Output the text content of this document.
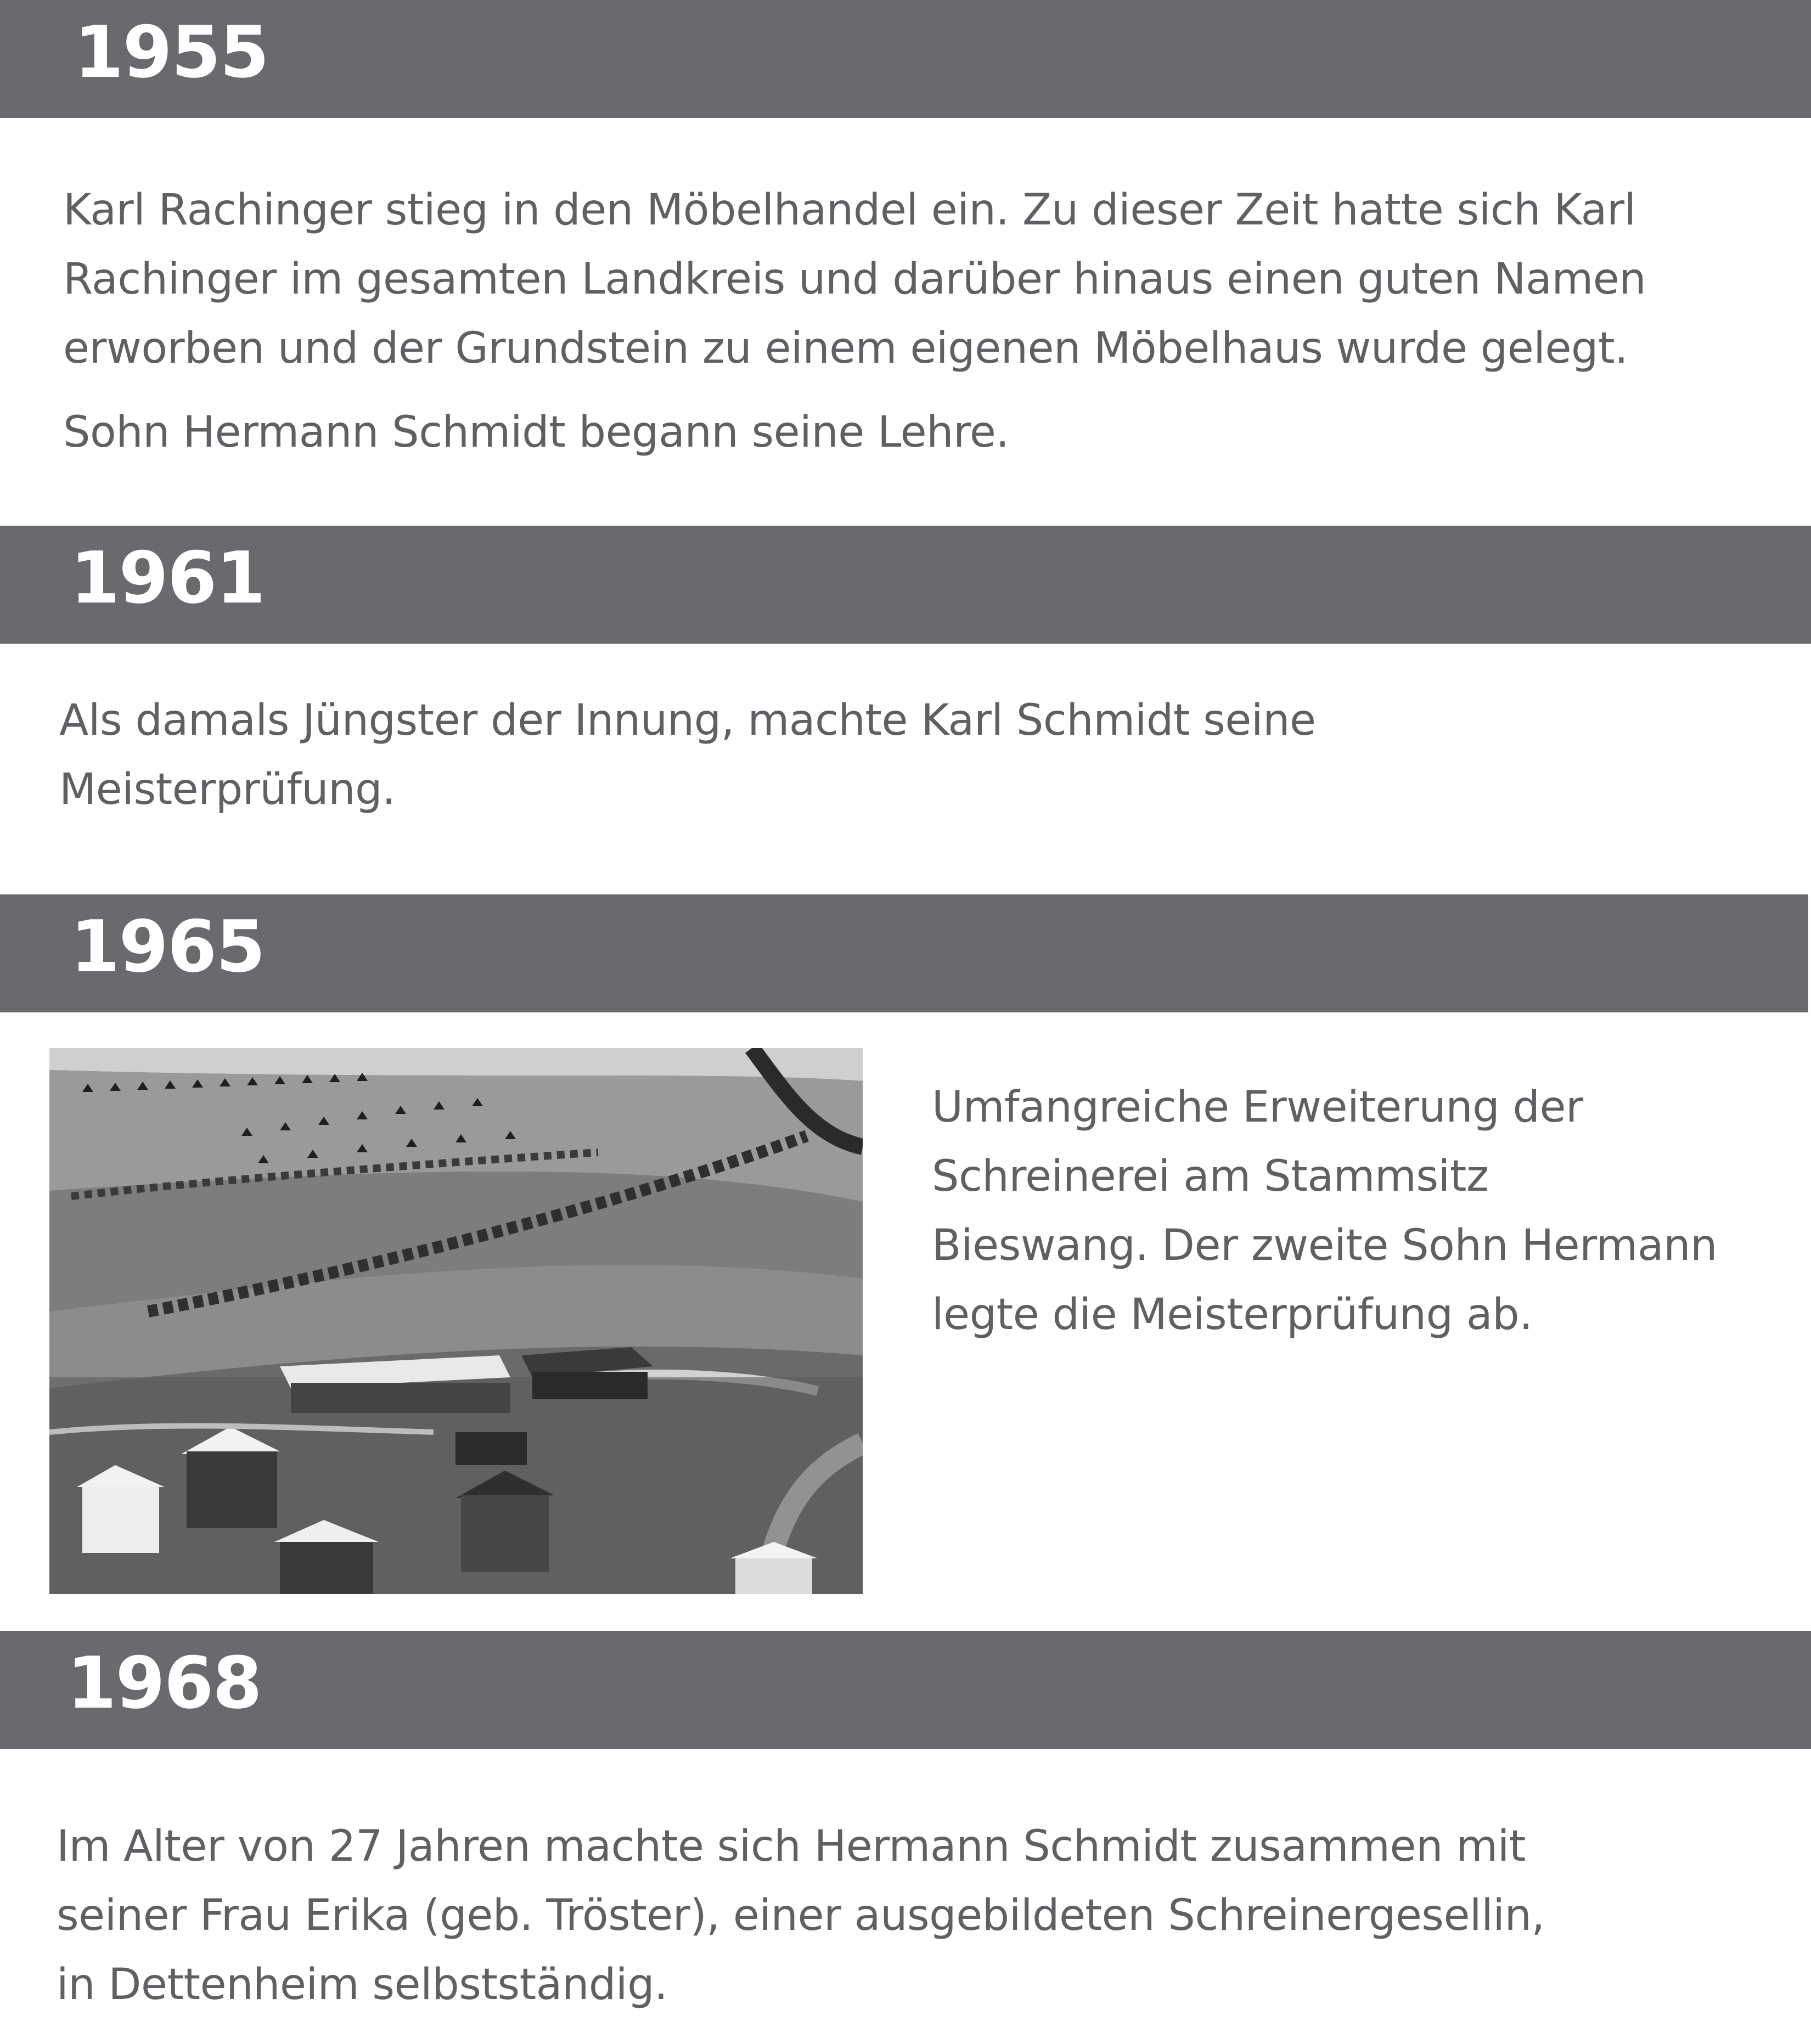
1955
Karl Rachinger stieg in den Möbelhandel ein. Zu dieser Zeit hatte sich Karl
Rachinger im gesamten Landkreis und darüber hinaus einen guten Namen
erworben und der Grundstein zu einem eigenen Möbelhaus wurde gelegt.
Sohn Hermann Schmidt begann seine Lehre.
1961
Als damals Jüngster der Innung, machte Karl Schmidt seine
Meisterprüfung.
1965
Umfangreiche Erweiterung der
Schreinerei am Stammsitz
Bieswang. Der zweite Sohn Hermann
legte die Meisterprüfung ab.
1968
Im Alter von 27 Jahren machte sich Hermann Schmidt zusammen mit
seiner Frau Erika (geb. Tröster), einer ausgebildeten Schreinergesellin,
in Dettenheim selbstständig.
